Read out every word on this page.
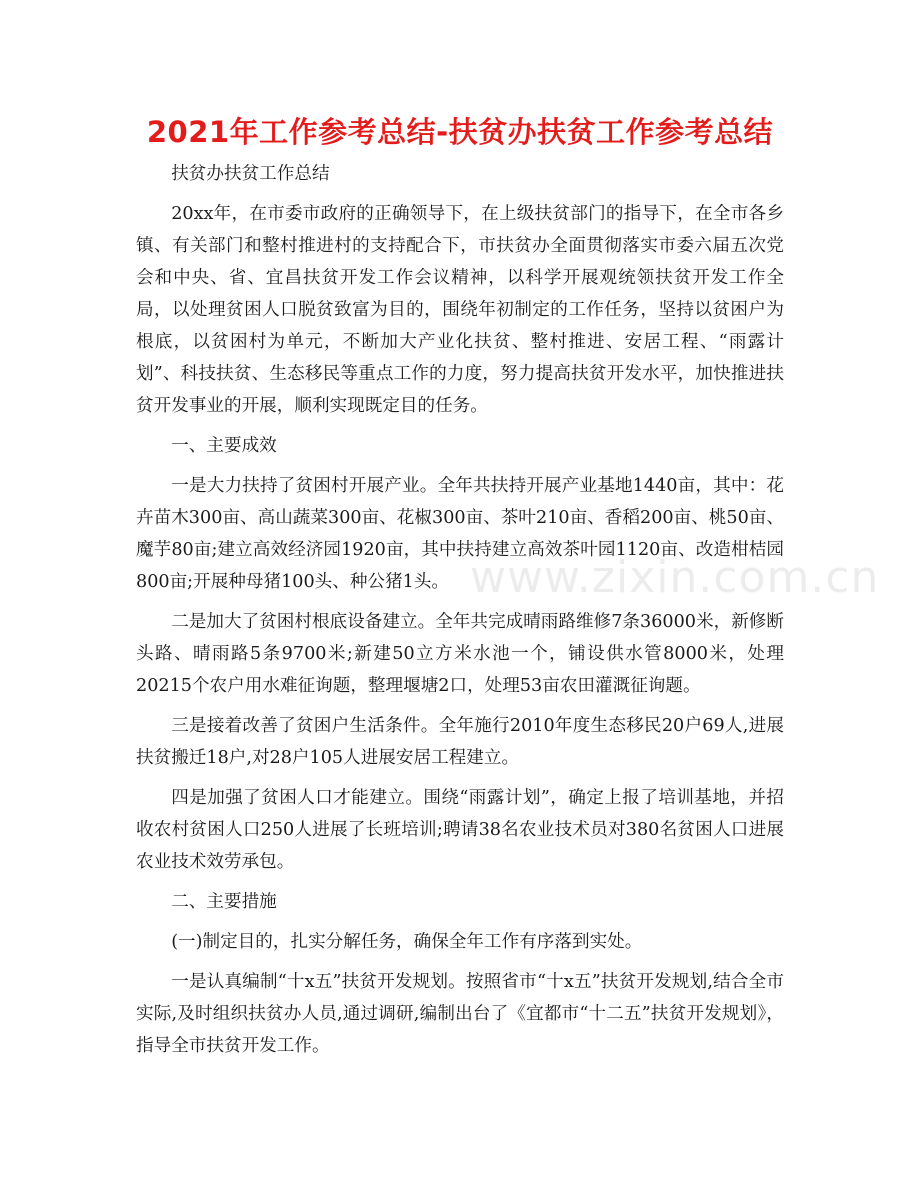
2021年工作参考总结-扶贫办扶贫工作参考总结

扶贫办扶贫工作总结

20xx年，在市委市政府的正确领导下，在上级扶贫部门的指导下，在全市各乡镇、有关部门和整村推进村的支持配合下，市扶贫办全面贯彻落实市委六届五次党会和中央、省、宜昌扶贫开发工作会议精神，以科学开展观统领扶贫开发工作全局，以处理贫困人口脱贫致富为目的，围绕年初制定的工作任务，坚持以贫困户为根底，以贫困村为单元，不断加大产业化扶贫、整村推进、安居工程、“雨露计划”、科技扶贫、生态移民等重点工作的力度，努力提高扶贫开发水平，加快推进扶贫开发事业的开展，顺利实现既定目的任务。

一、主要成效

一是大力扶持了贫困村开展产业。全年共扶持开展产业基地1440亩，其中：花卉苗木300亩、高山蔬菜300亩、花椒300亩、茶叶210亩、香稻200亩、桃50亩、魔芋80亩;建立高效经济园1920亩，其中扶持建立高效茶叶园1120亩、改造柑桔园800亩;开展种母猪100头、种公猪1头。

二是加大了贫困村根底设备建立。全年共完成晴雨路维修7条36000米，新修断头路、晴雨路5条9700米;新建50立方米水池一个，铺设供水管8000米，处理20215个农户用水难征询题，整理堰塘2口，处理53亩农田灌溉征询题。

三是接着改善了贫困户生活条件。全年施行2010年度生态移民20户69人,进展扶贫搬迁18户,对28户105人进展安居工程建立。

四是加强了贫困人口才能建立。围绕“雨露计划”，确定上报了培训基地，并招收农村贫困人口250人进展了长班培训;聘请38名农业技术员对380名贫困人口进展农业技术效劳承包。

二、主要措施

(一)制定目的，扎实分解任务，确保全年工作有序落到实处。

一是认真编制“十x五”扶贫开发规划。按照省市“十x五”扶贫开发规划,结合全市实际,及时组织扶贫办人员,通过调研,编制出台了《宜都市“十二五”扶贫开发规划》，指导全市扶贫开发工作。

www.zixin.com.cn
